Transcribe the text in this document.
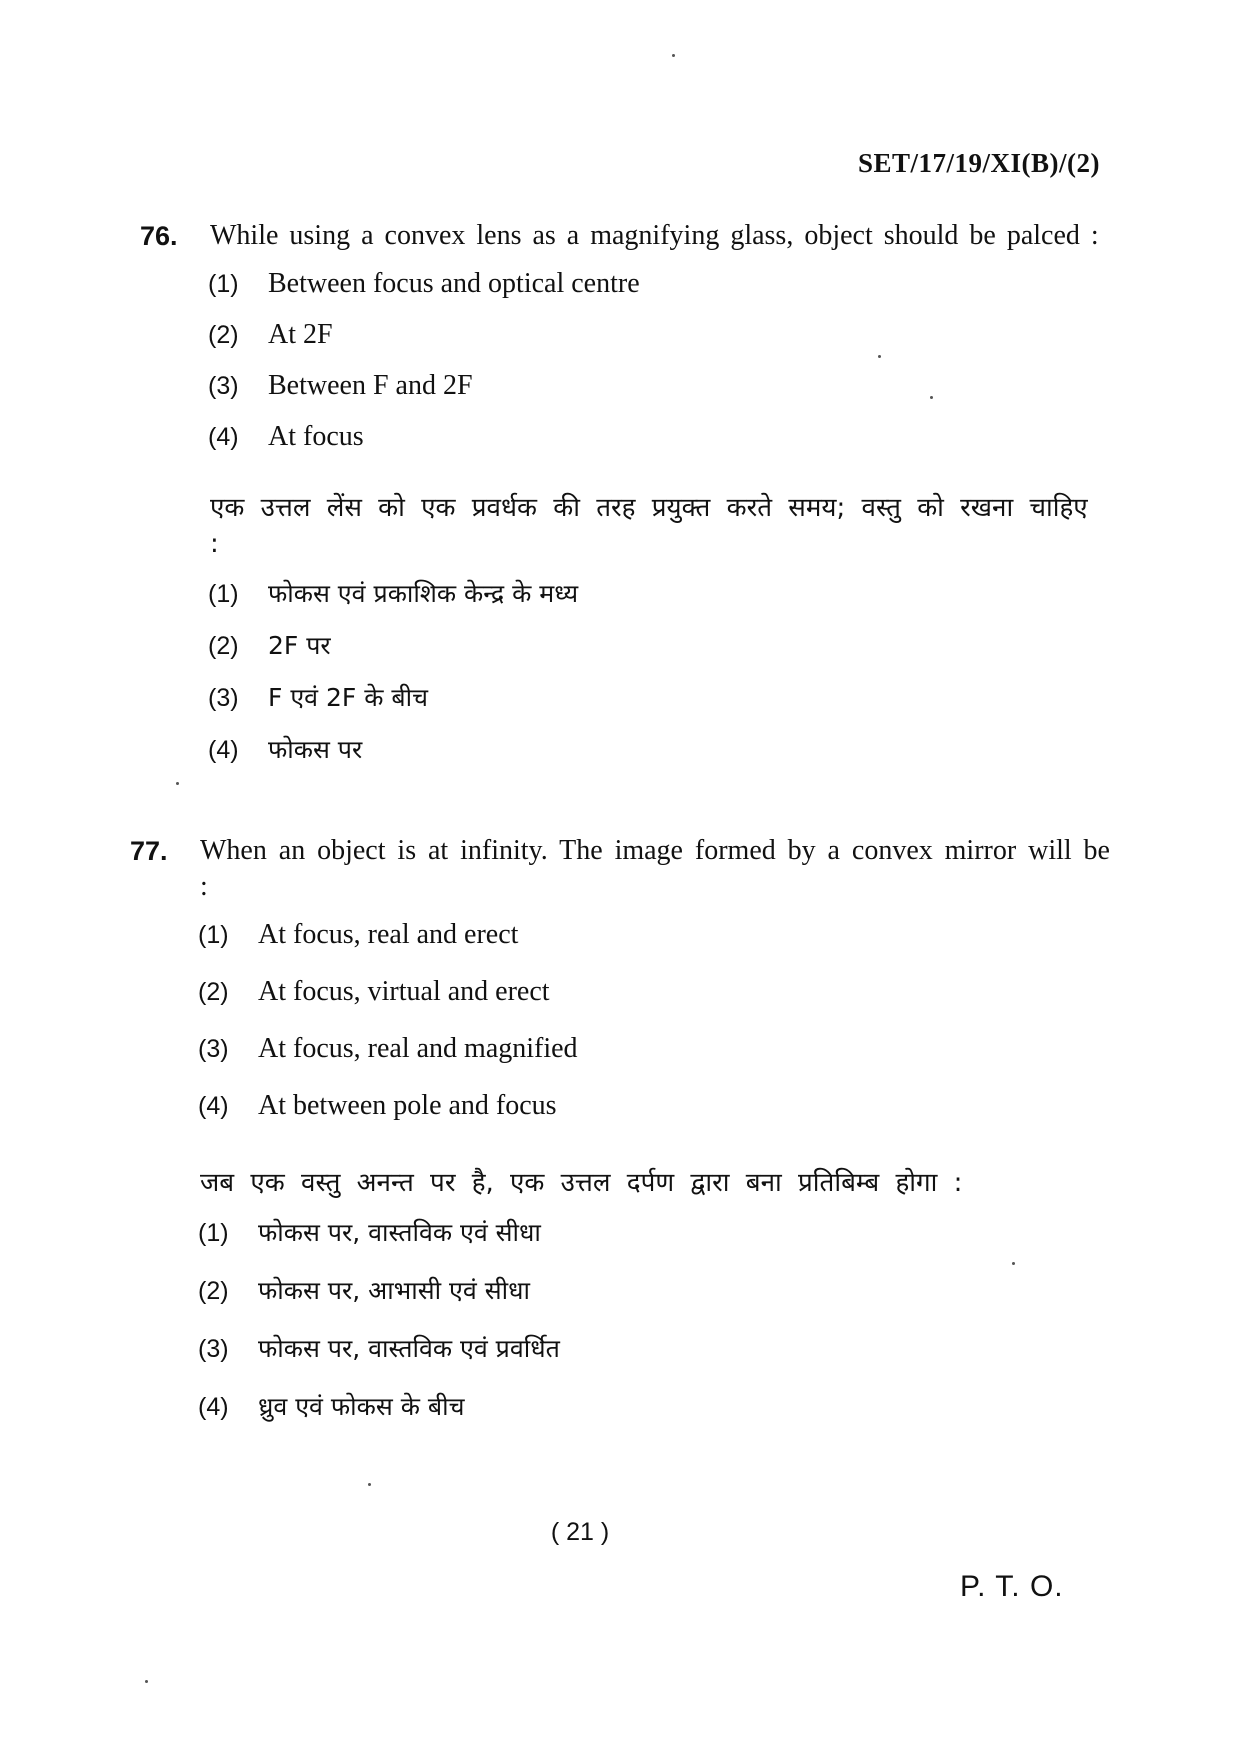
SET/17/19/XI(B)/(2)
76.	While using a convex lens as a magnifying glass, object should be palced :
(1)	Between focus and optical centre
(2)	At 2F
(3)	Between F and 2F
(4)	At focus
एक उत्तल लेंस को एक प्रवर्धक की तरह प्रयुक्त करते समय; वस्तु को रखना चाहिए :
(1)	फोकस एवं प्रकाशिक केन्द्र के मध्य
(2)	2F पर
(3)	F एवं 2F के बीच
(4)	फोकस पर
77.	When an object is at infinity. The image formed by a convex mirror will be :
(1)	At focus, real and erect
(2)	At focus, virtual and erect
(3)	At focus, real and magnified
(4)	At between pole and focus
जब एक वस्तु अनन्त पर है, एक उत्तल दर्पण द्वारा बना प्रतिबिम्ब होगा :
(1)	फोकस पर, वास्तविक एवं सीधा
(2)	फोकस पर, आभासी एवं सीधा
(3)	फोकस पर, वास्तविक एवं प्रवर्धित
(4)	ध्रुव एवं फोकस के बीच
( 21 )
P. T. O.
